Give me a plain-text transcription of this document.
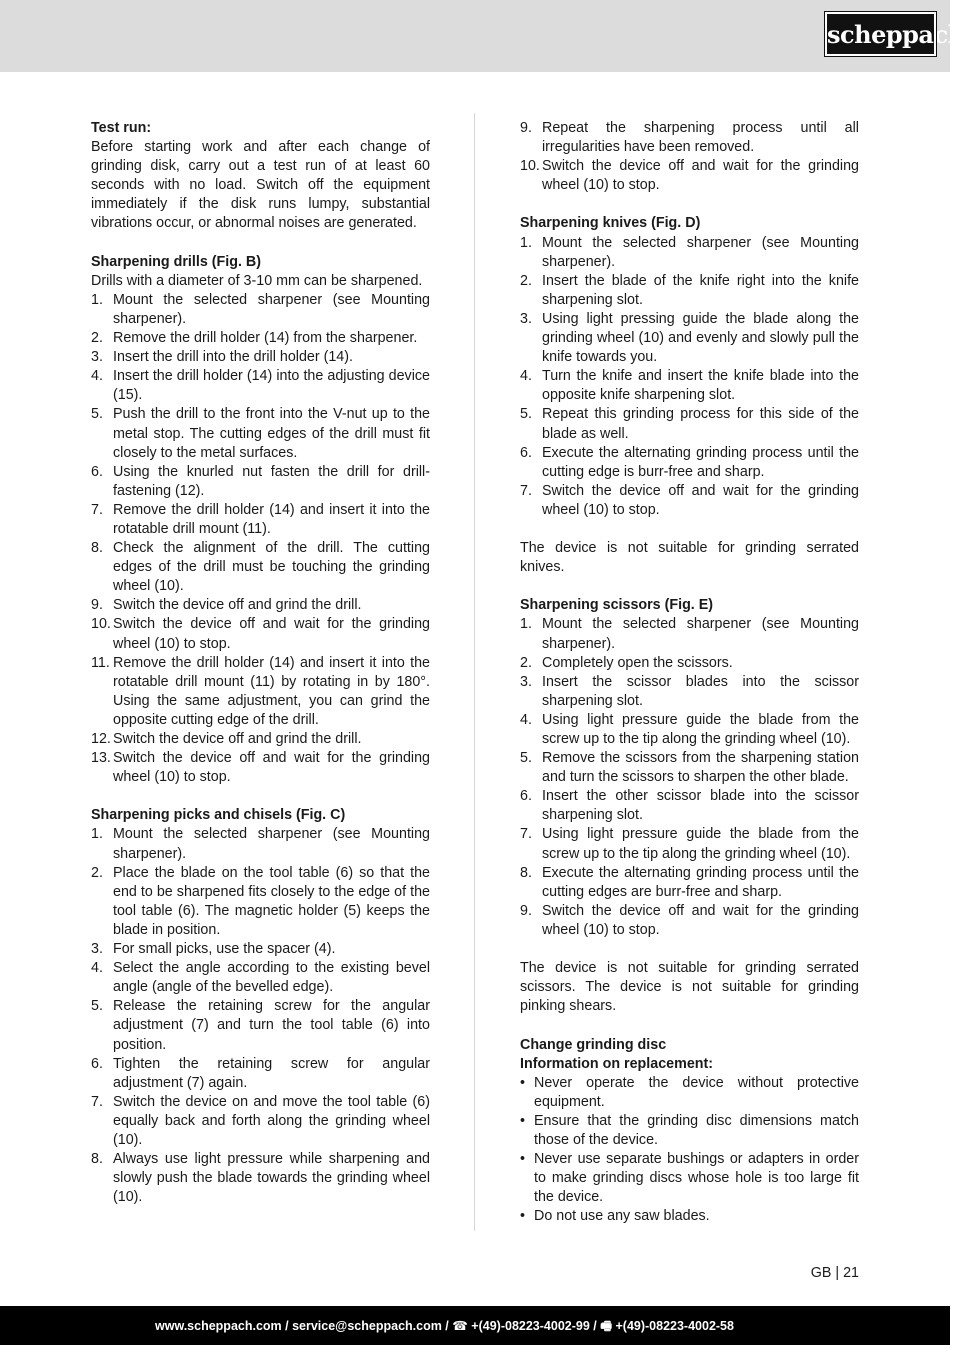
scheppach

Test run:

Before starting work and after each change of grinding disk, carry out a test run of at least 60 seconds with no load. Switch off the equipment immediately if the disk runs lumpy, substantial vibrations occur, or abnormal noises are generated.

Sharpening drills (Fig. B)

Drills with a diameter of 3-10 mm can be sharpened.

1. Mount the selected sharpener (see Mounting sharpener).
2. Remove the drill holder (14) from the sharpener.
3. Insert the drill into the drill holder (14).
4. Insert the drill holder (14) into the adjusting device (15).
5. Push the drill to the front into the V-nut up to the metal stop. The cutting edges of the drill must fit closely to the metal surfaces.
6. Using the knurled nut fasten the drill for drill-fastening (12).
7. Remove the drill holder (14) and insert it into the rotatable drill mount (11).
8. Check the alignment of the drill. The cutting edges of the drill must be touching the grinding wheel (10).
9. Switch the device off and grind the drill.
10. Switch the device off and wait for the grinding wheel (10) to stop.
11. Remove the drill holder (14) and insert it into the rotatable drill mount (11) by rotating in by 180°. Using the same adjustment, you can grind the opposite cutting edge of the drill.
12. Switch the device off and grind the drill.
13. Switch the device off and wait for the grinding wheel (10) to stop.

Sharpening picks and chisels (Fig. C)

1. Mount the selected sharpener (see Mounting sharpener).
2. Place the blade on the tool table (6) so that the end to be sharpened fits closely to the edge of the tool table (6). The magnetic holder (5) keeps the blade in position.
3. For small picks, use the spacer (4).
4. Select the angle according to the existing bevel angle (angle of the bevelled edge).
5. Release the retaining screw for the angular adjustment (7) and turn the tool table (6) into position.
6. Tighten the retaining screw for angular adjustment (7) again.
7. Switch the device on and move the tool table (6) equally back and forth along the grinding wheel (10).
8. Always use light pressure while sharpening and slowly push the blade towards the grinding wheel (10).
9. Repeat the sharpening process until all irregularities have been removed.
10. Switch the device off and wait for the grinding wheel (10) to stop.

Sharpening knives (Fig. D)

1. Mount the selected sharpener (see Mounting sharpener).
2. Insert the blade of the knife right into the knife sharpening slot.
3. Using light pressing guide the blade along the grinding wheel (10) and evenly and slowly pull the knife towards you.
4. Turn the knife and insert the knife blade into the opposite knife sharpening slot.
5. Repeat this grinding process for this side of the blade as well.
6. Execute the alternating grinding process until the cutting edge is burr-free and sharp.
7. Switch the device off and wait for the grinding wheel (10) to stop.

The device is not suitable for grinding serrated knives.

Sharpening scissors (Fig. E)

1. Mount the selected sharpener (see Mounting sharpener).
2. Completely open the scissors.
3. Insert the scissor blades into the scissor sharpening slot.
4. Using light pressure guide the blade from the screw up to the tip along the grinding wheel (10).
5. Remove the scissors from the sharpening station and turn the scissors to sharpen the other blade.
6. Insert the other scissor blade into the scissor sharpening slot.
7. Using light pressure guide the blade from the screw up to the tip along the grinding wheel (10).
8. Execute the alternating grinding process until the cutting edges are burr-free and sharp.
9. Switch the device off and wait for the grinding wheel (10) to stop.

The device is not suitable for grinding serrated scissors. The device is not suitable for grinding pinking shears.

Change grinding disc

Information on replacement:

• Never operate the device without protective equipment.
• Ensure that the grinding disc dimensions match those of the device.
• Never use separate bushings or adapters in order to make grinding discs whose hole is too large fit the device.
• Do not use any saw blades.
GB | 21
www.scheppach.com / service@scheppach.com / ☎ +(49)-08223-4002-99 / 🖷 +(49)-08223-4002-58
